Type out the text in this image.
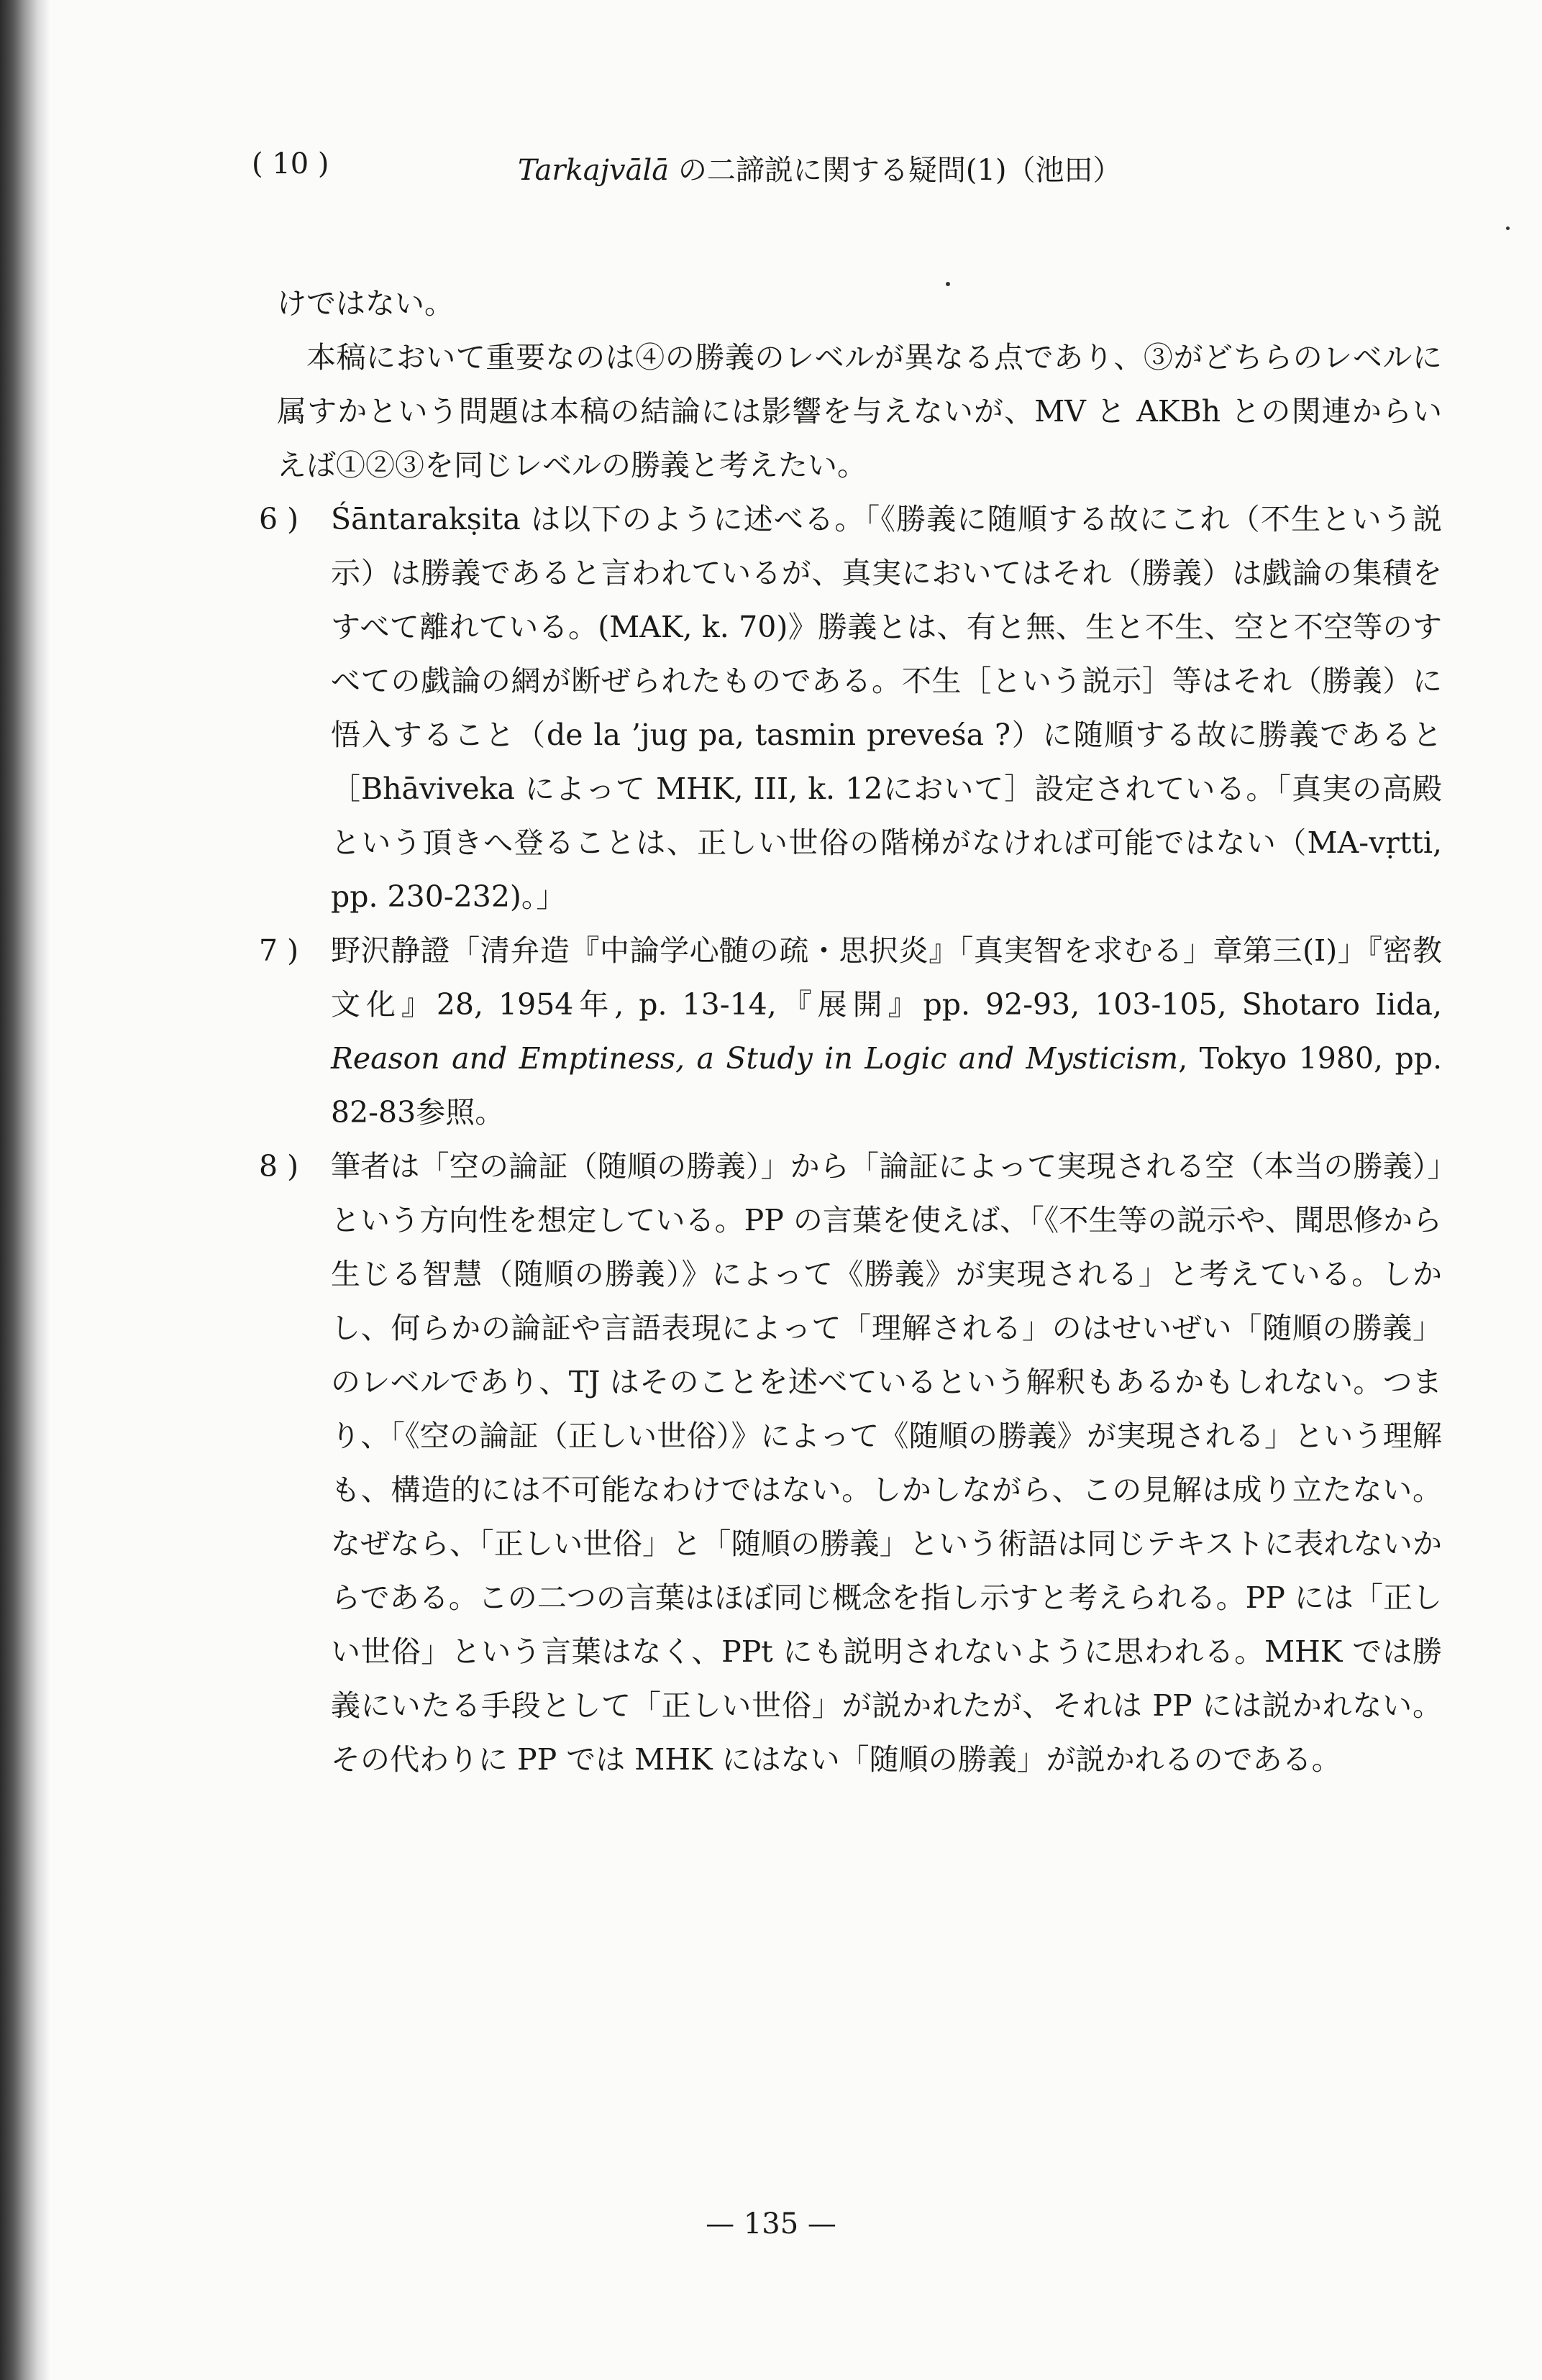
( 10 )	Tarkajvālā の二諦説に関する疑問(1)（池田）

けではない。

本稿において重要なのは④の勝義のレベルが異なる点であり、③がどちらのレベルに属すかという問題は本稿の結論には影響を与えないが、MV と AKBh との関連からいえば①②③を同じレベルの勝義と考えたい。

6 ) Śāntarakṣita は以下のように述べる。「《勝義に随順する故にこれ（不生という説示）は勝義であると言われているが、真実においてはそれ（勝義）は戯論の集積をすべて離れている。(MAK, k. 70)》勝義とは、有と無、生と不生、空と不空等のすべての戯論の網が断ぜられたものである。不生［という説示］等はそれ（勝義）に悟入すること（de la ’jug pa, tasmin preveśa ?）に随順する故に勝義であると［Bhāviveka によって MHK, III, k. 12において］設定されている。「真実の高殿という頂きへ登ることは、正しい世俗の階梯がなければ可能ではない（MA-vṛtti, pp. 230-232)。」

7 ) 野沢静證「清弁造『中論学心髄の疏・思択炎』「真実智を求むる」章第三(I)」『密教文化』28, 1954年, p. 13-14,『展開』pp. 92-93, 103-105, Shotaro Iida, Reason and Emptiness, a Study in Logic and Mysticism, Tokyo 1980, pp. 82-83参照。

8 ) 筆者は「空の論証（随順の勝義）」から「論証によって実現される空（本当の勝義）」という方向性を想定している。PP の言葉を使えば、「《不生等の説示や、聞思修から生じる智慧（随順の勝義）》によって《勝義》が実現される」と考えている。しかし、何らかの論証や言語表現によって「理解される」のはせいぜい「随順の勝義」のレベルであり、TJ はそのことを述べているという解釈もあるかもしれない。つまり、「《空の論証（正しい世俗）》によって《随順の勝義》が実現される」という理解も、構造的には不可能なわけではない。しかしながら、この見解は成り立たない。なぜなら、「正しい世俗」と「随順の勝義」という術語は同じテキストに表れないからである。この二つの言葉はほぼ同じ概念を指し示すと考えられる。PP には「正しい世俗」という言葉はなく、PPt にも説明されないように思われる。MHK では勝義にいたる手段として「正しい世俗」が説かれたが、それは PP には説かれない。その代わりに PP では MHK にはない「随順の勝義」が説かれるのである。

— 135 —
